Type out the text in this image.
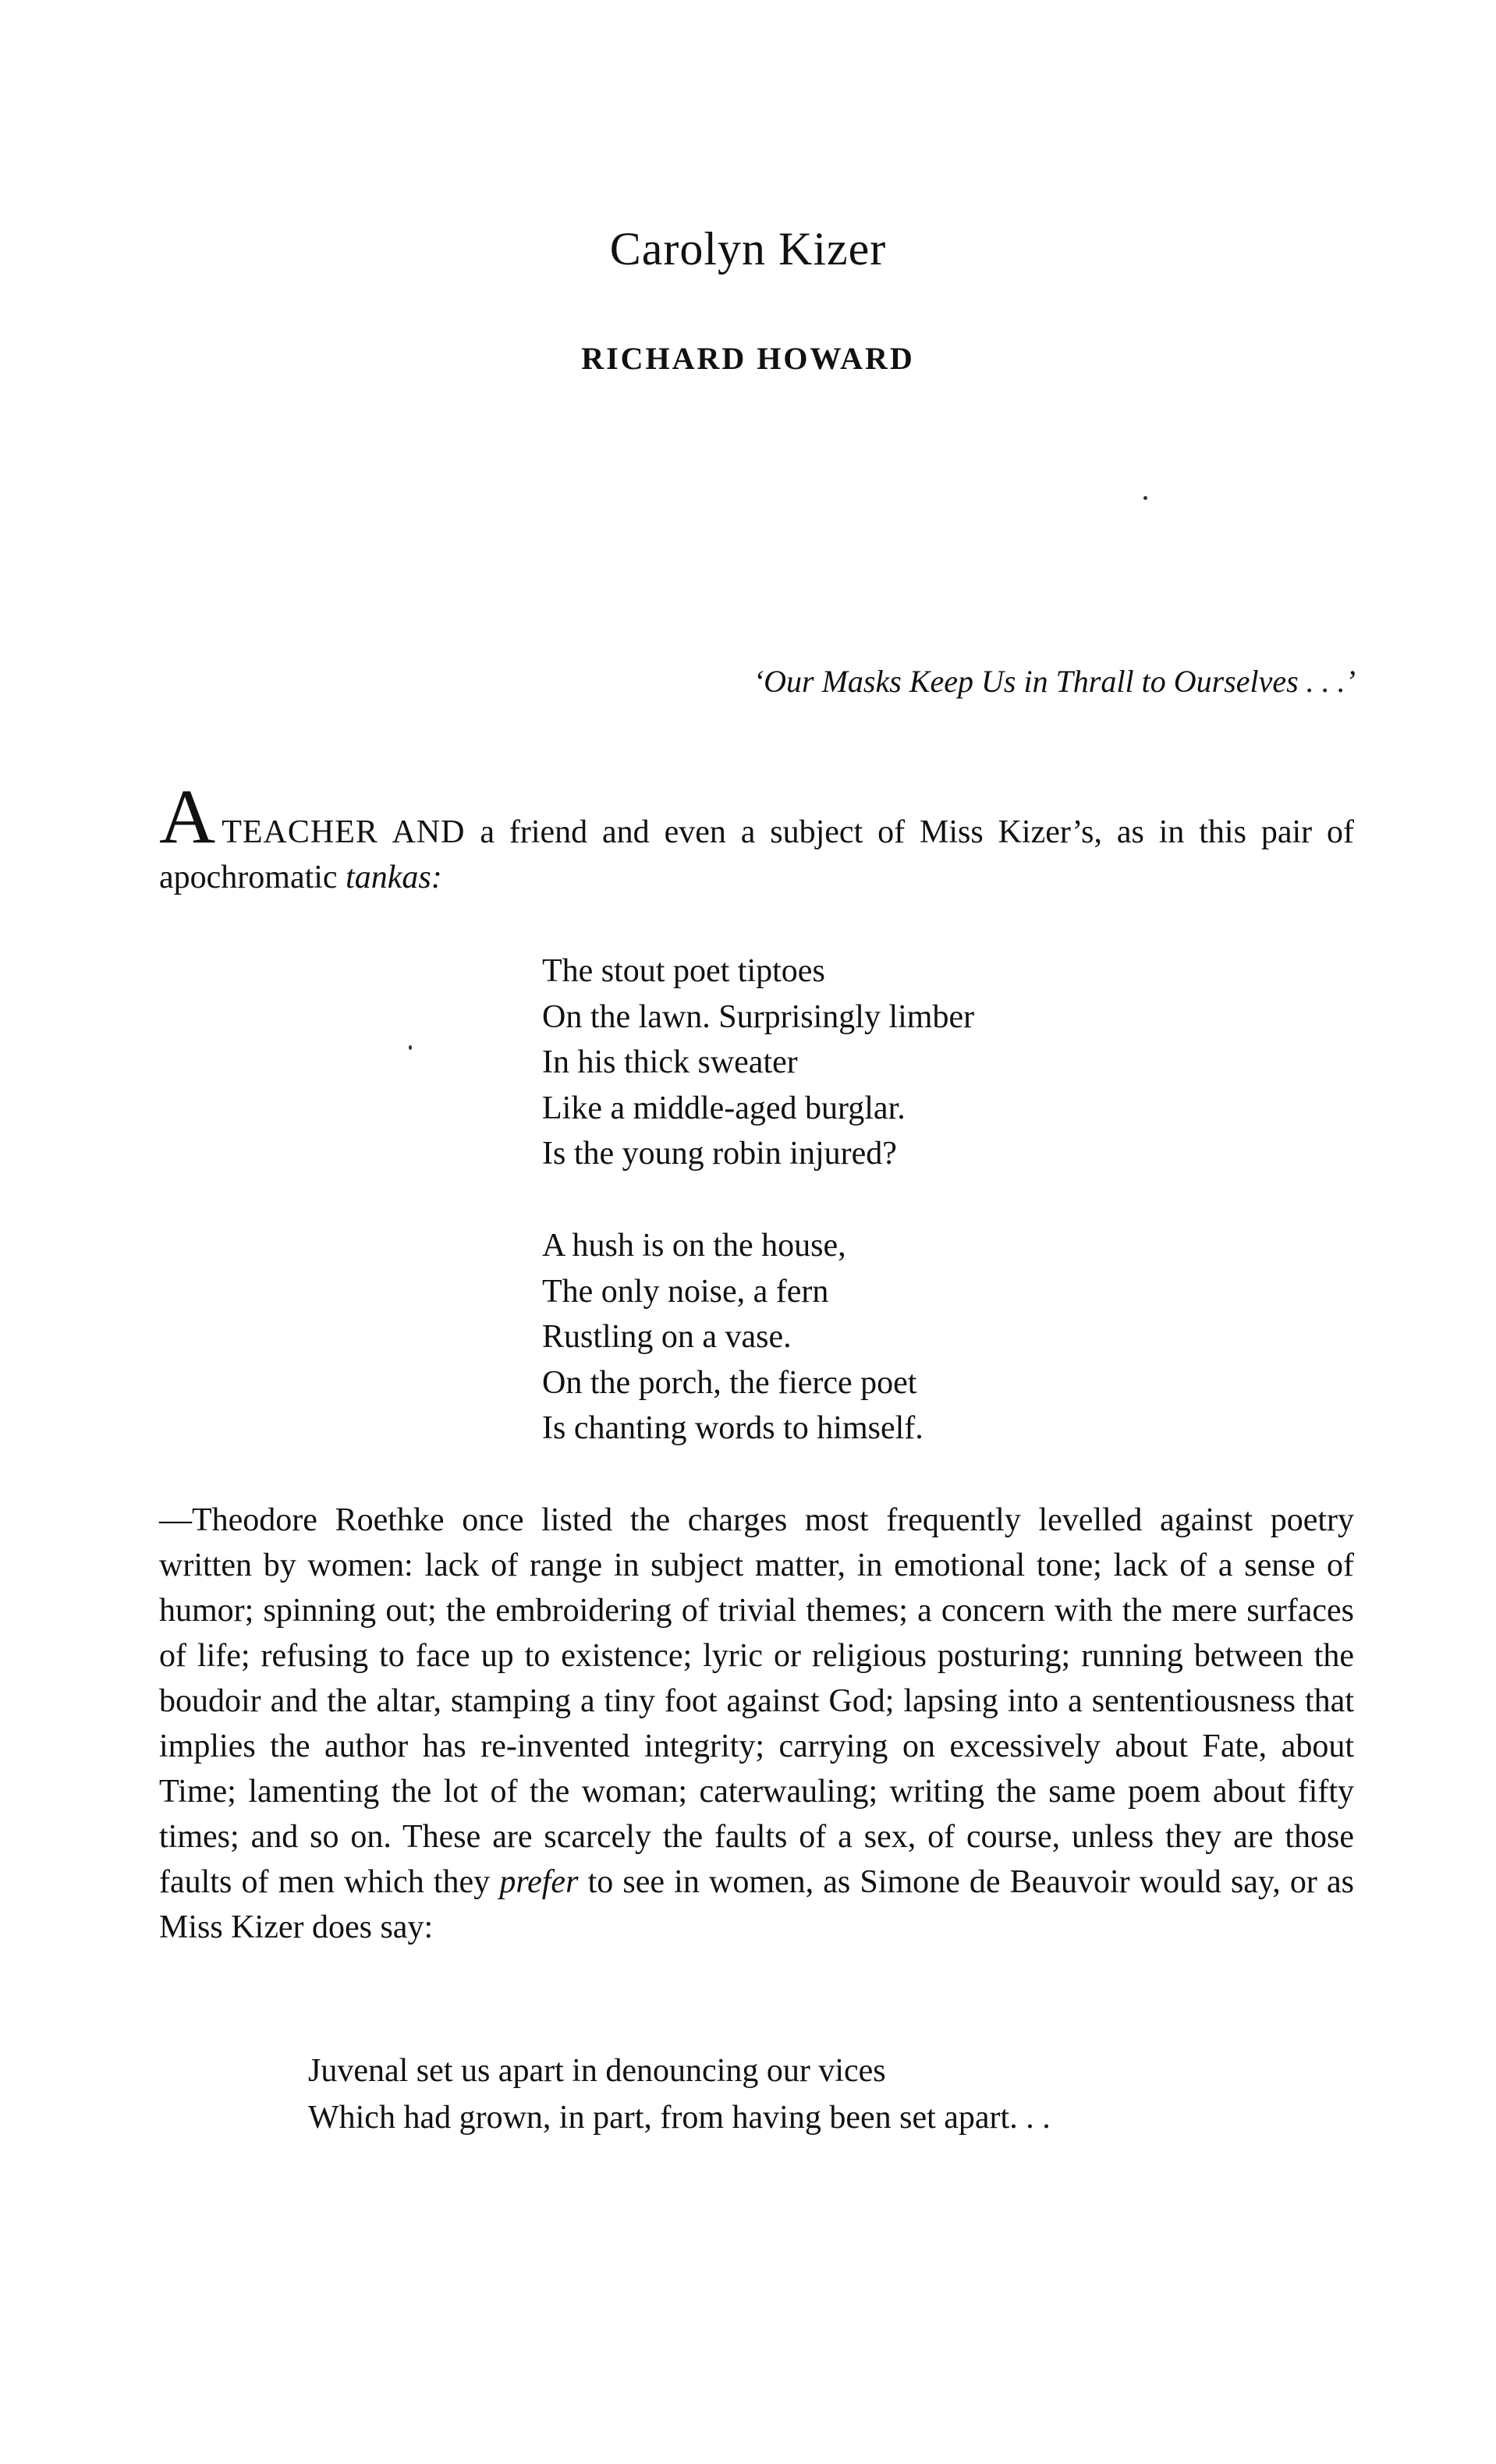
Carolyn Kizer
RICHARD HOWARD

‘Our Masks Keep Us in Thrall to Ourselves . . .’

ATEACHER AND a friend and even a subject of Miss Kizer’s, as in this pair of apochromatic tankas:

The stout poet tiptoes
On the lawn. Surprisingly limber
In his thick sweater
Like a middle-aged burglar.
Is the young robin injured?
A hush is on the house,
The only noise, a fern
Rustling on a vase.
On the porch, the fierce poet
Is chanting words to himself.

—Theodore Roethke once listed the charges most frequently levelled against poetry written by women: lack of range in subject matter, in emotional tone; lack of a sense of humor; spinning out; the embroidering of trivial themes; a concern with the mere surfaces of life; refusing to face up to existence; lyric or religious posturing; running between the boudoir and the altar, stamping a tiny foot against God; lapsing into a sententiousness that implies the author has re-invented integrity; carrying on excessively about Fate, about Time; lamenting the lot of the woman; caterwauling; writing the same poem about fifty times; and so on. These are scarcely the faults of a sex, of course, unless they are those faults of men which they prefer to see in women, as Simone de Beauvoir would say, or as Miss Kizer does say:

Juvenal set us apart in denouncing our vices
Which had grown, in part, from having been set apart. . .
